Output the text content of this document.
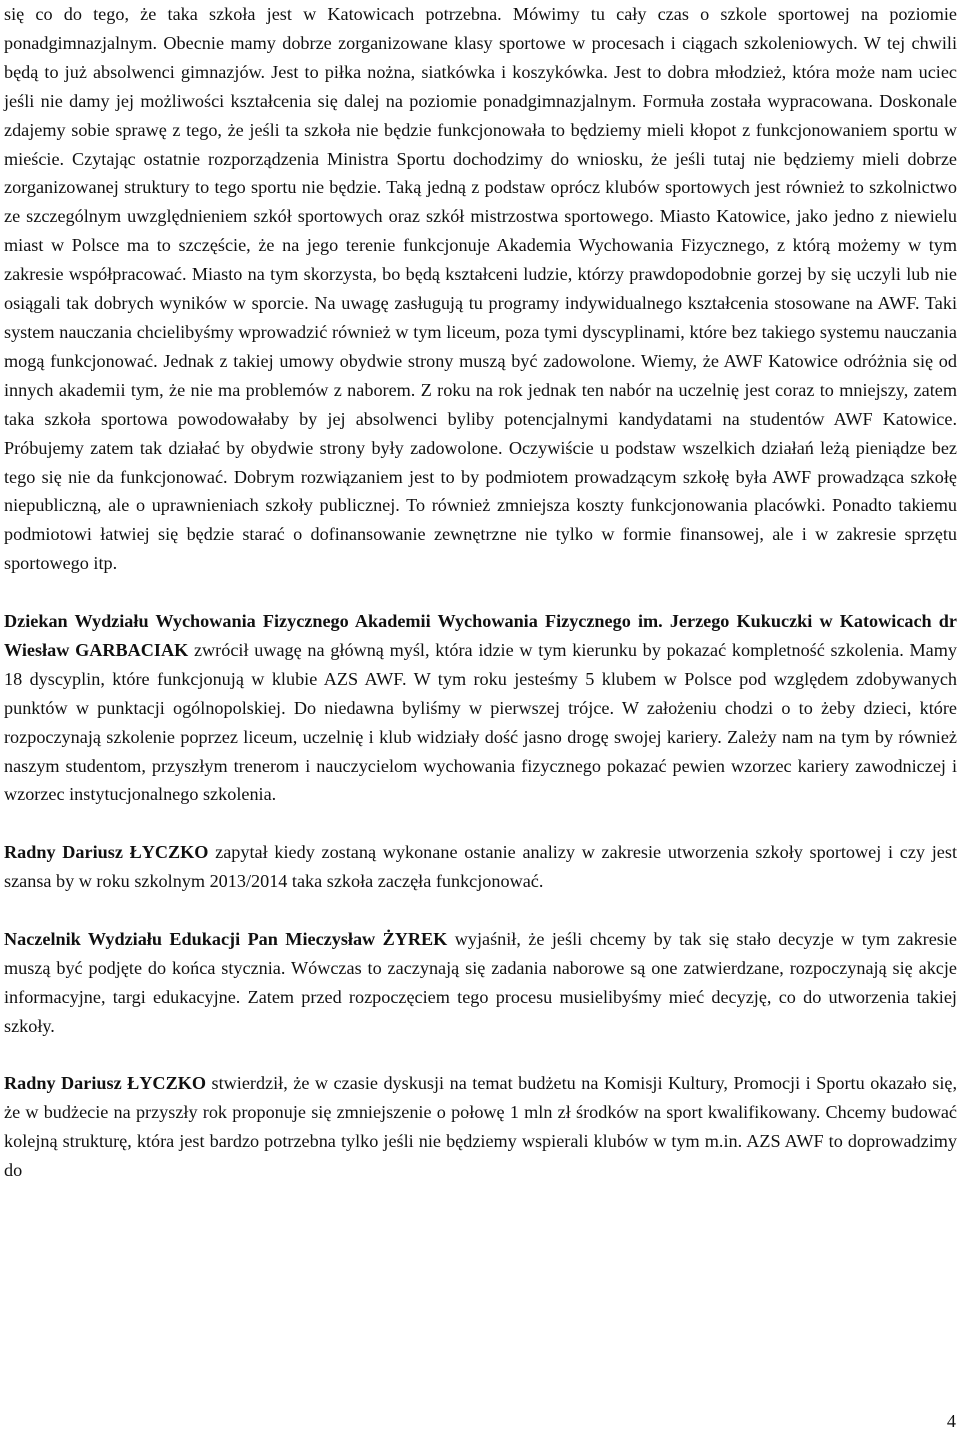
się co do tego, że taka szkoła jest w Katowicach potrzebna. Mówimy tu cały czas o szkole sportowej na poziomie ponadgimnazjalnym. Obecnie mamy dobrze zorganizowane klasy sportowe w procesach i ciągach szkoleniowych. W tej chwili będą to już absolwenci gimnazjów. Jest to piłka nożna, siatkówka i koszykówka. Jest to dobra młodzież, która może nam uciec jeśli nie damy jej możliwości kształcenia się dalej na poziomie ponadgimnazjalnym. Formuła została wypracowana. Doskonale zdajemy sobie sprawę z tego, że jeśli ta szkoła nie będzie funkcjonowała to będziemy mieli kłopot z funkcjonowaniem sportu w mieście. Czytając ostatnie rozporządzenia Ministra Sportu dochodzimy do wniosku, że jeśli tutaj nie będziemy mieli dobrze zorganizowanej struktury to tego sportu nie będzie. Taką jedną z podstaw oprócz klubów sportowych jest również to szkolnictwo ze szczególnym uwzględnieniem szkół sportowych oraz szkół mistrzostwa sportowego. Miasto Katowice, jako jedno z niewielu miast w Polsce ma to szczęście, że na jego terenie funkcjonuje Akademia Wychowania Fizycznego, z którą możemy w tym zakresie współpracować. Miasto na tym skorzysta, bo będą kształceni ludzie, którzy prawdopodobnie gorzej by się uczyli lub nie osiągali tak dobrych wyników w sporcie. Na uwagę zasługują tu programy indywidualnego kształcenia stosowane na AWF. Taki system nauczania chcielibyśmy wprowadzić również w tym liceum, poza tymi dyscyplinami, które bez takiego systemu nauczania mogą funkcjonować. Jednak z takiej umowy obydwie strony muszą być zadowolone. Wiemy, że AWF Katowice odróżnia się od innych akademii tym, że nie ma problemów z naborem. Z roku na rok jednak ten nabór na uczelnię jest coraz to mniejszy, zatem taka szkoła sportowa powodowałaby by jej absolwenci byliby potencjalnymi kandydatami na studentów AWF Katowice. Próbujemy zatem tak działać by obydwie strony były zadowolone. Oczywiście u podstaw wszelkich działań leżą pieniądze bez tego się nie da funkcjonować. Dobrym rozwiązaniem jest to by podmiotem prowadzącym szkołę była AWF prowadząca szkołę niepubliczną, ale o uprawnieniach szkoły publicznej. To również zmniejsza koszty funkcjonowania placówki. Ponadto takiemu podmiotowi łatwiej się będzie starać o dofinansowanie zewnętrzne nie tylko w formie finansowej, ale i w zakresie sprzętu sportowego itp.

Dziekan Wydziału Wychowania Fizycznego Akademii Wychowania Fizycznego im. Jerzego Kukuczki w Katowicach dr Wiesław GARBACIAK zwrócił uwagę na główną myśl, która idzie w tym kierunku by pokazać kompletność szkolenia. Mamy 18 dyscyplin, które funkcjonują w klubie AZS AWF. W tym roku jesteśmy 5 klubem w Polsce pod względem zdobywanych punktów w punktacji ogólnopolskiej. Do niedawna byliśmy w pierwszej trójce. W założeniu chodzi o to żeby dzieci, które rozpoczynają szkolenie poprzez liceum, uczelnię i klub widziały dość jasno drogę swojej kariery. Zależy nam na tym by również naszym studentom, przyszłym trenerom i nauczycielom wychowania fizycznego pokazać pewien wzorzec kariery zawodniczej i wzorzec instytucjonalnego szkolenia.

Radny Dariusz ŁYCZKO zapytał kiedy zostaną wykonane ostanie analizy w zakresie utworzenia szkoły sportowej i czy jest szansa by w roku szkolnym 2013/2014 taka szkoła zaczęła funkcjonować.

Naczelnik Wydziału Edukacji Pan Mieczysław ŻYREK wyjaśnił, że jeśli chcemy by tak się stało decyzje w tym zakresie muszą być podjęte do końca stycznia. Wówczas to zaczynają się zadania naborowe są one zatwierdzane, rozpoczynają się akcje informacyjne, targi edukacyjne. Zatem przed rozpoczęciem tego procesu musielibyśmy mieć decyzję, co do utworzenia takiej szkoły.

Radny Dariusz ŁYCZKO stwierdził, że w czasie dyskusji na temat budżetu na Komisji Kultury, Promocji i Sportu okazało się, że w budżecie na przyszły rok proponuje się zmniejszenie o połowę 1 mln zł środków na sport kwalifikowany. Chcemy budować kolejną strukturę, która jest bardzo potrzebna tylko jeśli nie będziemy wspierali klubów w tym m.in. AZS AWF to doprowadzimy do

4
